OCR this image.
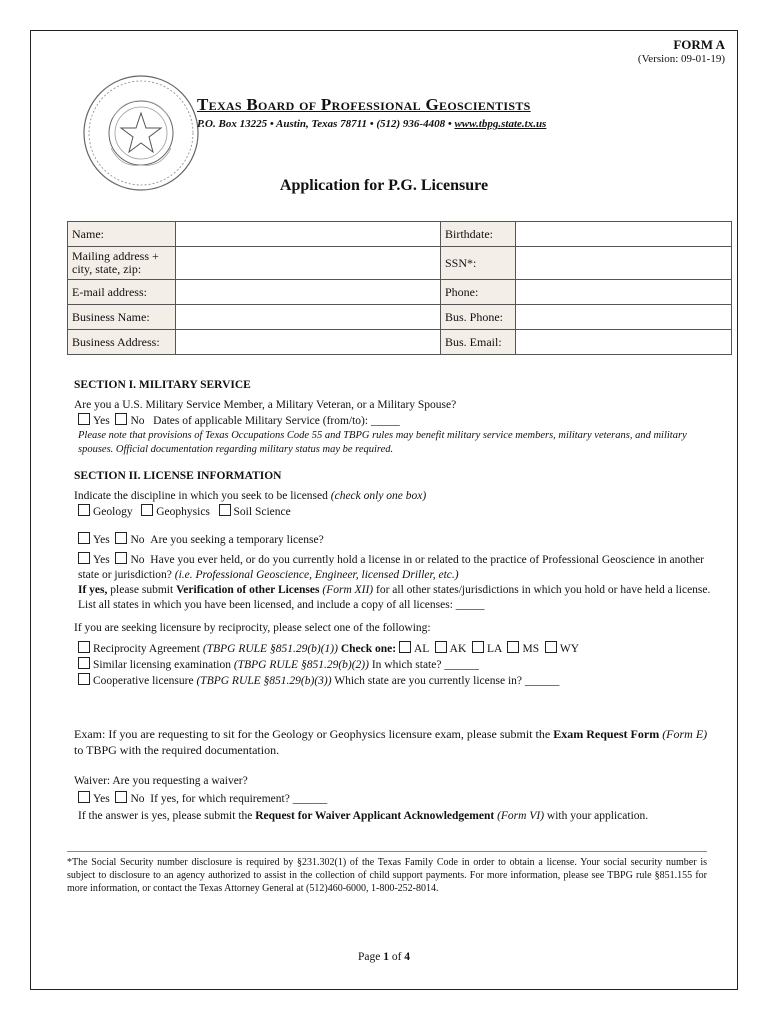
FORM A
(Version: 09-01-19)
Texas Board of Professional Geoscientists
P.O. Box 13225 • Austin, Texas 78711 • (512) 936-4408 • www.tbpg.state.tx.us
Application for P.G. Licensure
Name:		Birthdate:	
Mailing address + city, state, zip:		SSN*:	
E-mail address:		Phone:	
Business Name:		Bus. Phone:	
Business Address:		Bus. Email:	
SECTION I. MILITARY SERVICE
Are you a U.S. Military Service Member, a Military Veteran, or a Military Spouse?
Yes No Dates of applicable Military Service (from/to): _____
Please note that provisions of Texas Occupations Code 55 and TBPG rules may benefit military service members, military veterans, and military spouses. Official documentation regarding military status may be required.
SECTION II. LICENSE INFORMATION
Indicate the discipline in which you seek to be licensed (check only one box)
Geology Geophysics Soil Science
Yes No Are you seeking a temporary license?
Yes No Have you ever held, or do you currently hold a license in or related to the practice of Professional Geoscience in another state or jurisdiction? (i.e. Professional Geoscience, Engineer, licensed Driller, etc.)
If yes, please submit Verification of other Licenses (Form XII) for all other states/jurisdictions in which you hold or have held a license. List all states in which you have been licensed, and include a copy of all licenses: _____
If you are seeking licensure by reciprocity, please select one of the following:
Reciprocity Agreement (TBPG RULE §851.29(b)(1)) Check one: AL AK LA MS WY
Similar licensing examination (TBPG RULE §851.29(b)(2)) In which state? ______
Cooperative licensure (TBPG RULE §851.29(b)(3)) Which state are you currently license in? ______
Exam: If you are requesting to sit for the Geology or Geophysics licensure exam, please submit the Exam Request Form (Form E) to TBPG with the required documentation.
Waiver: Are you requesting a waiver?
Yes No If yes, for which requirement? ______
If the answer is yes, please submit the Request for Waiver Applicant Acknowledgement (Form VI) with your application.
*The Social Security number disclosure is required by §231.302(1) of the Texas Family Code in order to obtain a license. Your social security number is subject to disclosure to an agency authorized to assist in the collection of child support payments. For more information, please see TBPG rule §851.155 for more information, or contact the Texas Attorney General at (512)460-6000, 1-800-252-8014.
Page 1 of 4
